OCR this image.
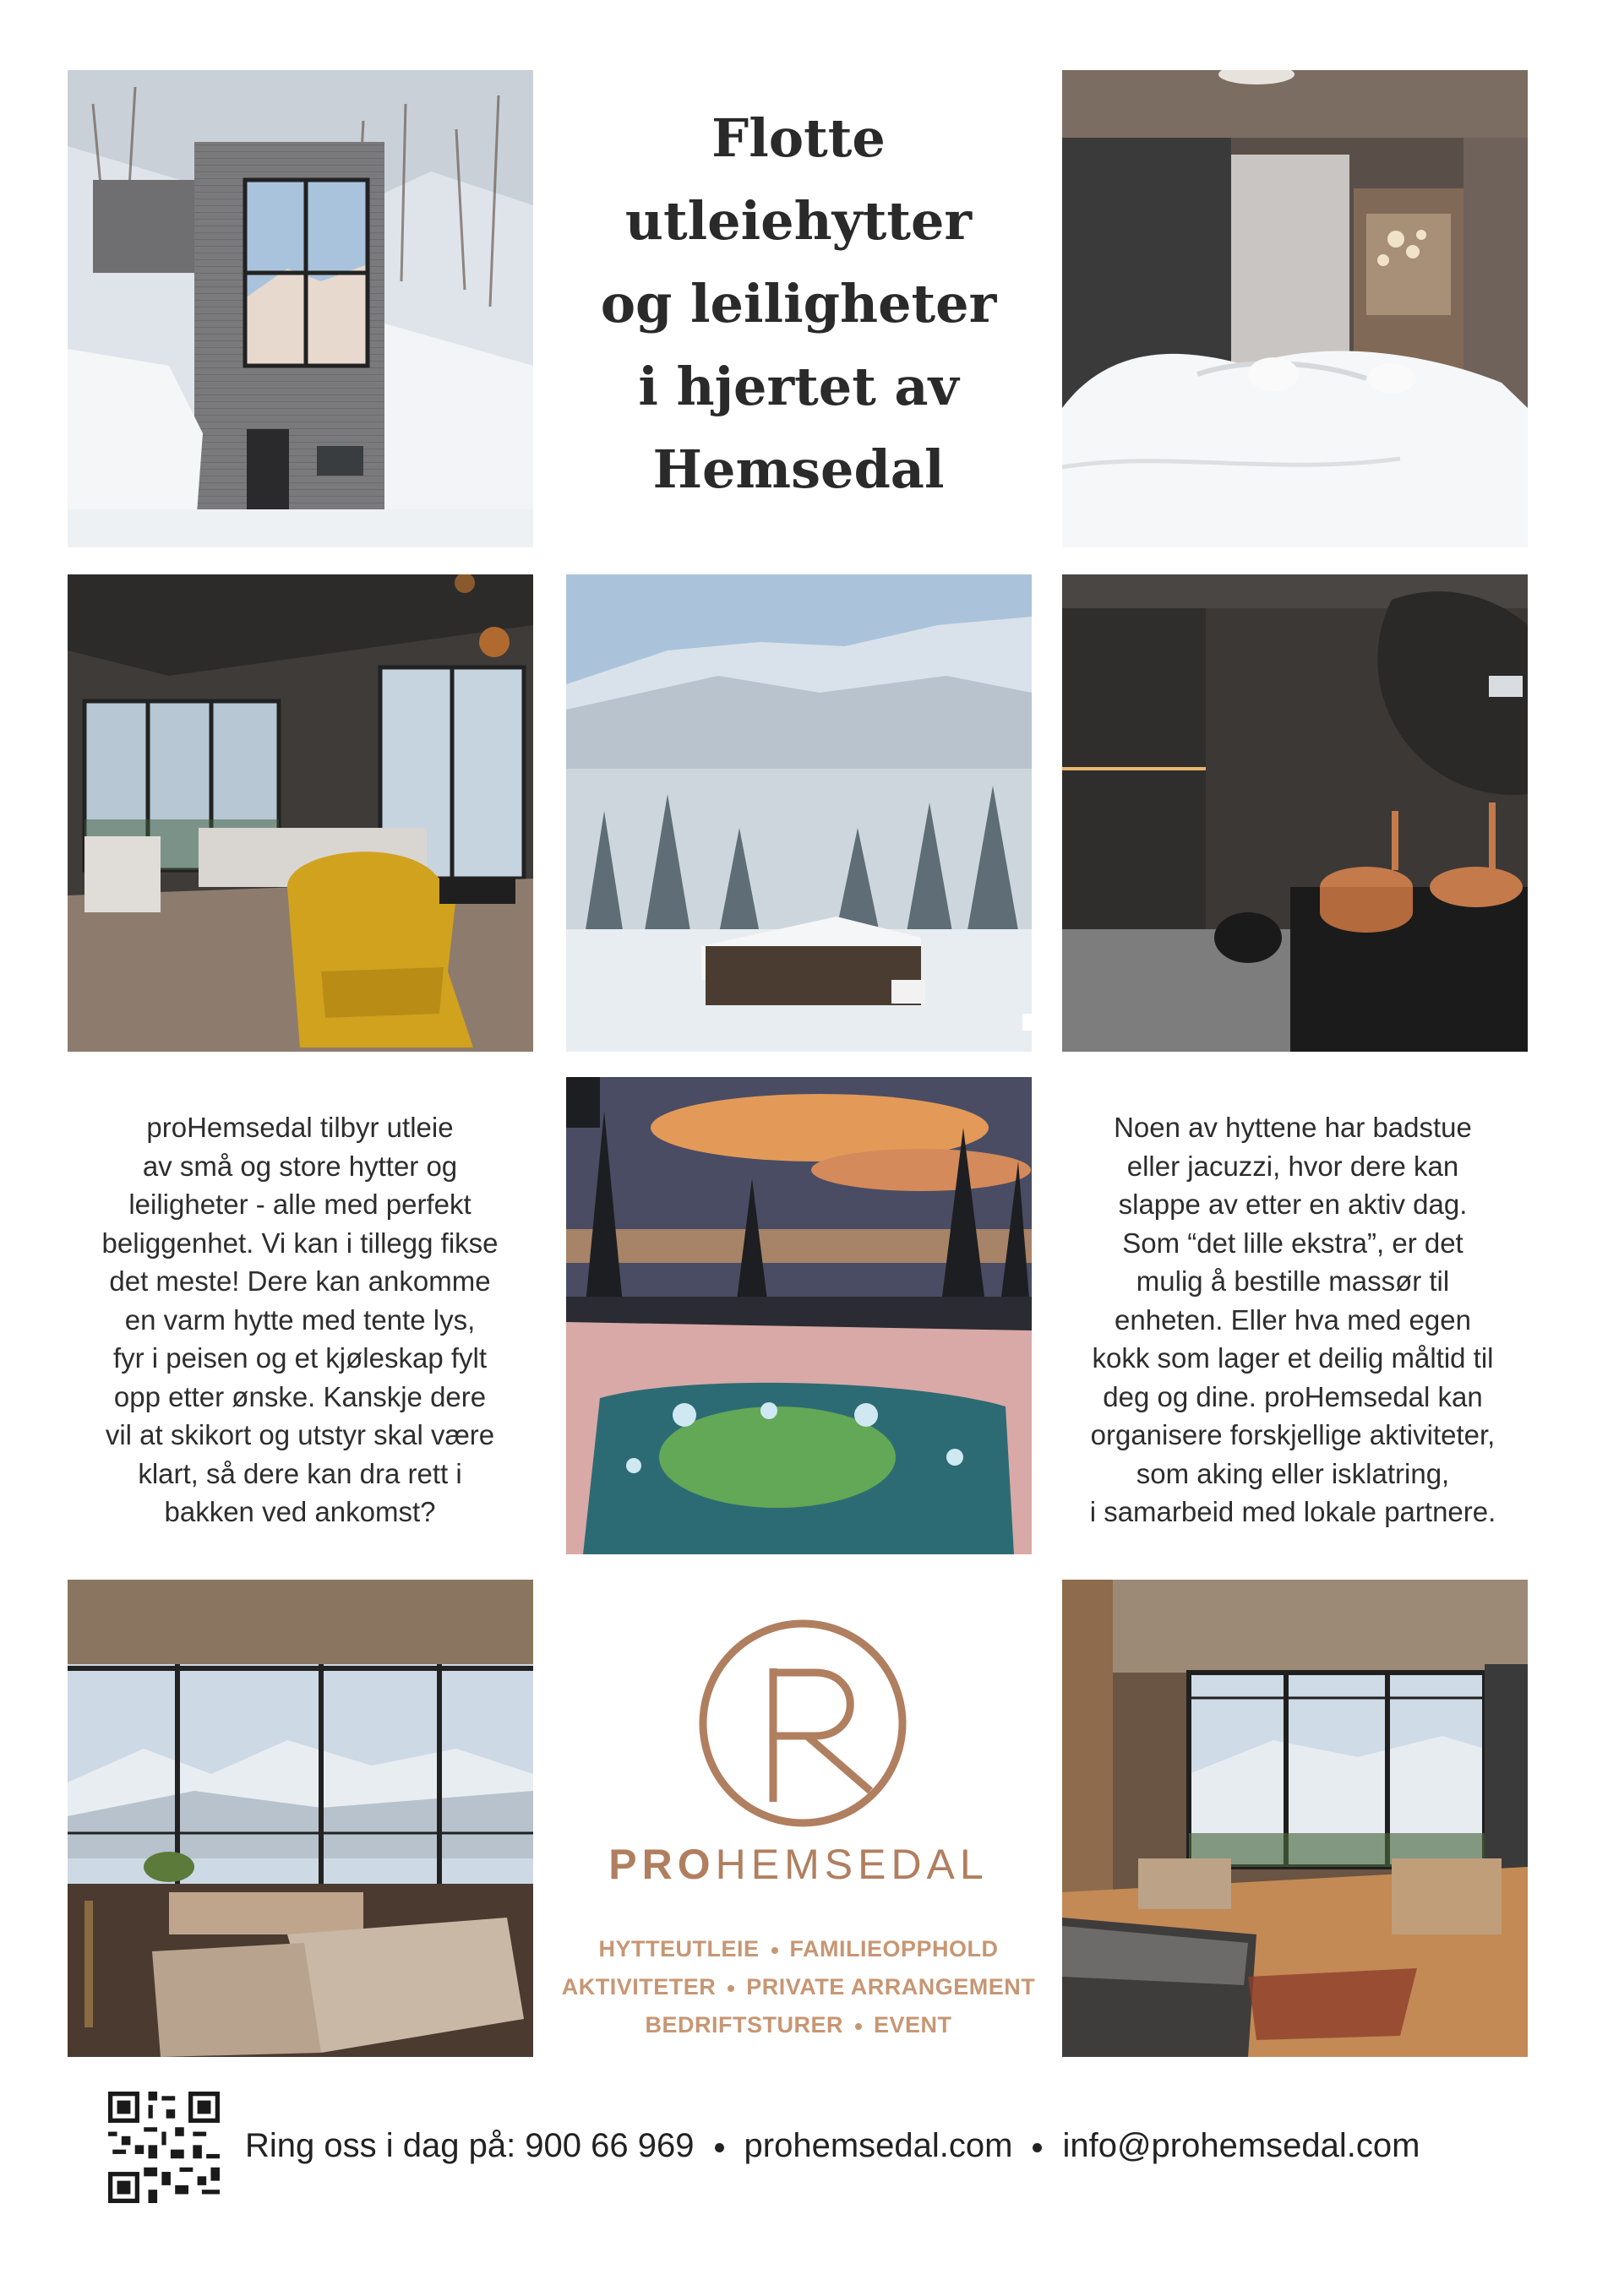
Flotte
utleiehytter
og leiligheter
i hjertet av
Hemsedal
proHemsedal tilbyr utleie
av små og store hytter og
leiligheter - alle med perfekt
beliggenhet. Vi kan i tillegg fikse
det meste! Dere kan ankomme
en varm hytte med tente lys,
fyr i peisen og et kjøleskap fylt
opp etter ønske. Kanskje dere
vil at skikort og utstyr skal være
klart, så dere kan dra rett i
bakken ved ankomst?
Noen av hyttene har badstue
eller jacuzzi, hvor dere kan
slappe av etter en aktiv dag.
Som “det lille ekstra”, er det
mulig å bestille massør til
enheten. Eller hva med egen
kokk som lager et deilig måltid til
deg og dine. proHemsedal kan
organisere forskjellige aktiviteter,
som aking eller isklatring,
i samarbeid med lokale partnere.
PROHEMSEDAL
HYTTEUTLEIE FAMILIEOPPHOLD
AKTIVITETER PRIVATE ARRANGEMENT
BEDRIFTSTURER EVENT
Ring oss i dag på: 900 66 969 prohemsedal.com info@prohemsedal.com
